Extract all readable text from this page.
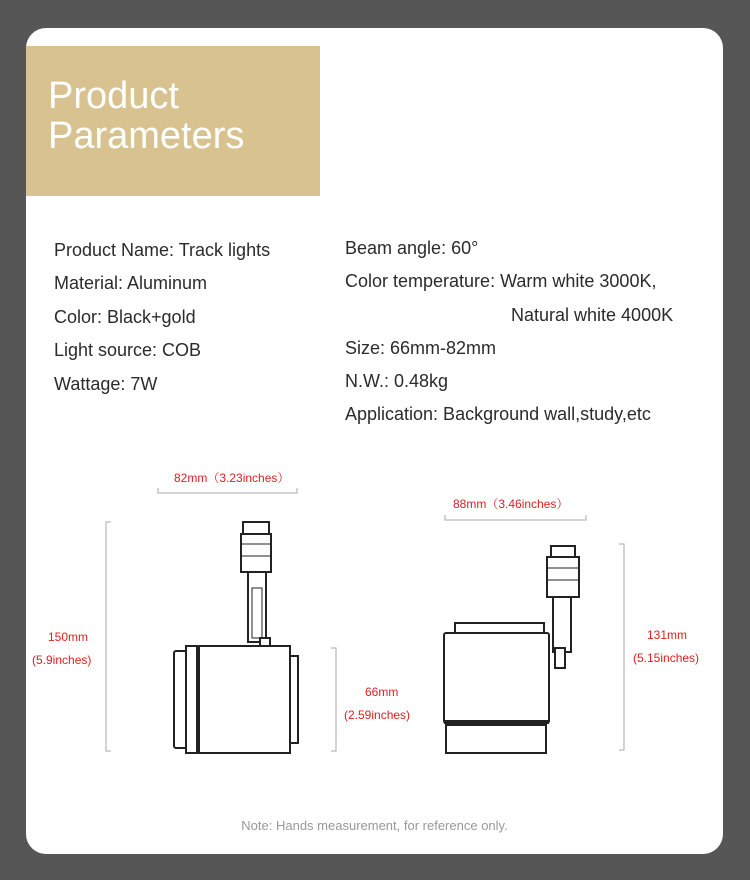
Product
Parameters
Product Name: Track lights
Material: Aluminum
Color: Black+gold
Light source: COB
Wattage: 7W
Beam angle: 60°
Color temperature: Warm white 3000K,
Natural white 4000K
Size: 66mm-82mm
N.W.: 0.48kg
Application: Background wall,study,etc
82mm（3.23inches）
150mm
(5.9inches)
66mm
(2.59inches)
88mm（3.46inches）
131mm
(5.15inches)
Note: Hands measurement, for reference only.
